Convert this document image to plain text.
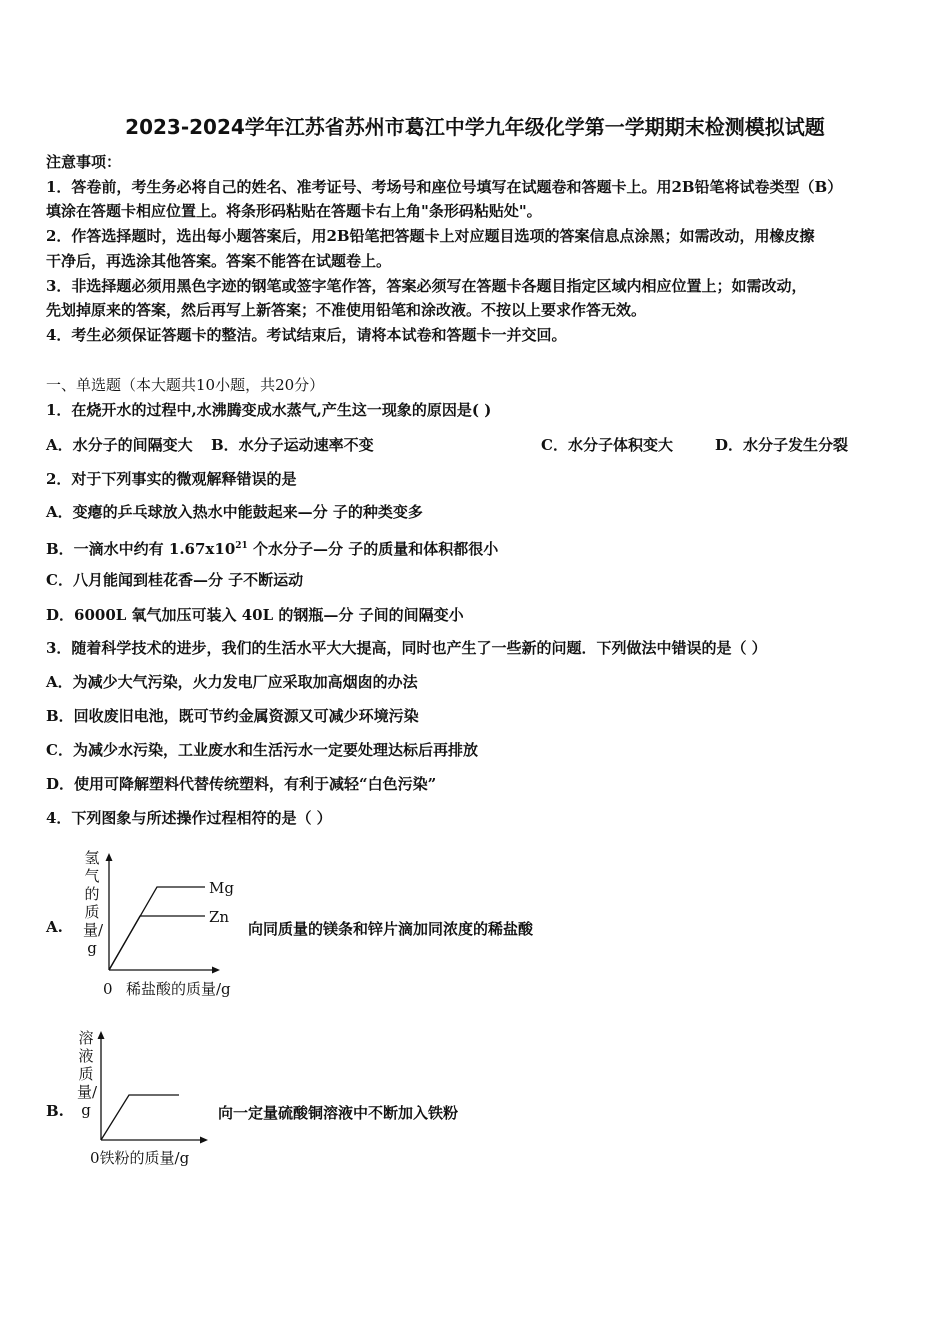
2023-2024学年江苏省苏州市葛江中学九年级化学第一学期期末检测模拟试题
注意事项：
1．答卷前，考生务必将自己的姓名、准考证号、考场号和座位号填写在试题卷和答题卡上。用2B铅笔将试卷类型（B）
填涂在答题卡相应位置上。将条形码粘贴在答题卡右上角"条形码粘贴处"。
2．作答选择题时，选出每小题答案后，用2B铅笔把答题卡上对应题目选项的答案信息点涂黑；如需改动，用橡皮擦
干净后，再选涂其他答案。答案不能答在试题卷上。
3．非选择题必须用黑色字迹的钢笔或签字笔作答，答案必须写在答题卡各题目指定区域内相应位置上；如需改动，
先划掉原来的答案，然后再写上新答案；不准使用铅笔和涂改液。不按以上要求作答无效。
4．考生必须保证答题卡的整洁。考试结束后，请将本试卷和答题卡一并交回。
一、单选题（本大题共10小题，共20分）
1．在烧开水的过程中,水沸腾变成水蒸气,产生这一现象的原因是( )
A．水分子的间隔变大 B．水分子运动速率不变	C．水分子体积变大	D．水分子发生分裂
2．对于下列事实的微观解释错误的是
A．变瘪的乒乓球放入热水中能鼓起来—分 子的种类变多
B．一滴水中约有 $1.67x10^{21}$ 个水分子—分 子的质量和体积都很小
C．八月能闻到桂花香—分 子不断运动
D．6000L 氧气加压可装入 40L 的钢瓶—分 子间的间隔变小
3．随着科学技术的进步，我们的生活水平大大提高，同时也产生了一些新的问题．下列做法中错误的是（ ）
A．为减少大气污染，火力发电厂应采取加高烟囱的办法
B．回收废旧电池，既可节约金属资源又可减少环境污染
C．为减少水污染，工业废水和生活污水一定要处理达标后再排放
D．使用可降解塑料代替传统塑料，有利于减轻“白色污染”
4．下列图象与所述操作过程相符的是（ ）
A.
氢气的质量/g
Mg
Zn
0 稀盐酸的质量/g
向同质量的镁条和锌片滴加同浓度的稀盐酸
B.
溶液质量/g
0铁粉的质量/g
向一定量硫酸铜溶液中不断加入铁粉
